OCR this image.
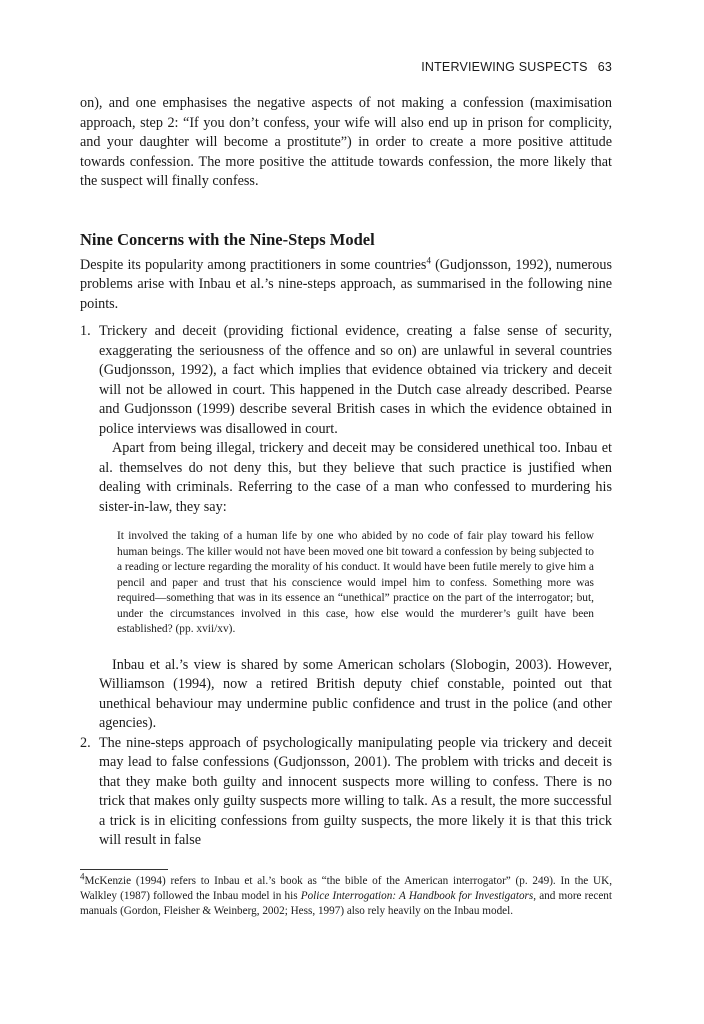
INTERVIEWING SUSPECTS 63

on), and one emphasises the negative aspects of not making a confession (maximisation approach, step 2: “If you don’t confess, your wife will also end up in prison for complicity, and your daughter will become a prostitute”) in order to create a more positive attitude towards confession. The more positive the attitude towards confession, the more likely that the suspect will finally confess.

Nine Concerns with the Nine-Steps Model

Despite its popularity among practitioners in some countries$^4$ (Gudjonsson, 1992), numerous problems arise with Inbau et al.’s nine-steps approach, as summarised in the following nine points.

1. Trickery and deceit (providing fictional evidence, creating a false sense of security, exaggerating the seriousness of the offence and so on) are unlawful in several countries (Gudjonsson, 1992), a fact which implies that evidence obtained via trickery and deceit will not be allowed in court. This happened in the Dutch case already described. Pearse and Gudjonsson (1999) describe several British cases in which the evidence obtained in police interviews was disallowed in court.

Apart from being illegal, trickery and deceit may be considered unethical too. Inbau et al. themselves do not deny this, but they believe that such practice is justified when dealing with criminals. Referring to the case of a man who confessed to murdering his sister-in-law, they say:

It involved the taking of a human life by one who abided by no code of fair play toward his fellow human beings. The killer would not have been moved one bit toward a confession by being subjected to a reading or lecture regarding the morality of his conduct. It would have been futile merely to give him a pencil and paper and trust that his conscience would impel him to confess. Something more was required—something that was in its essence an “unethical” practice on the part of the interrogator; but, under the circumstances involved in this case, how else would the murderer’s guilt have been established? (pp. xvii/xv).

Inbau et al.’s view is shared by some American scholars (Slobogin, 2003). However, Williamson (1994), now a retired British deputy chief constable, pointed out that unethical behaviour may undermine public confidence and trust in the police (and other agencies).

2. The nine-steps approach of psychologically manipulating people via trickery and deceit may lead to false confessions (Gudjonsson, 2001). The problem with tricks and deceit is that they make both guilty and innocent suspects more willing to confess. There is no trick that makes only guilty suspects more willing to talk. As a result, the more successful a trick is in eliciting confessions from guilty suspects, the more likely it is that this trick will result in false

$^4$McKenzie (1994) refers to Inbau et al.’s book as “the bible of the American interrogator” (p. 249). In the UK, Walkley (1987) followed the Inbau model in his Police Interrogation: A Handbook for Investigators, and more recent manuals (Gordon, Fleisher & Weinberg, 2002; Hess, 1997) also rely heavily on the Inbau model.
